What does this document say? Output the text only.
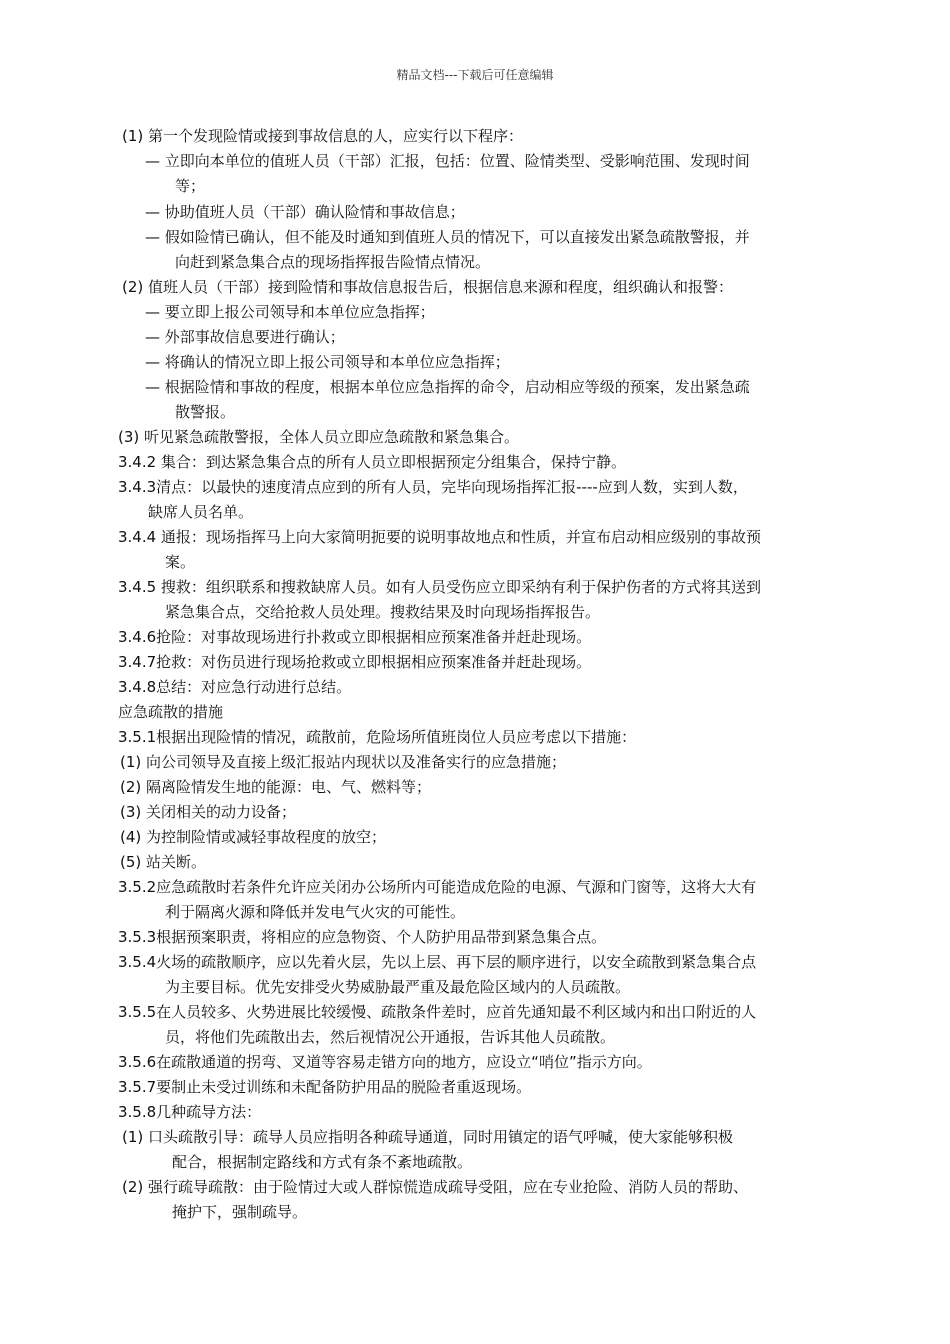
精品文档---下载后可任意编辑
(1) 第一个发现险情或接到事故信息的人，应实行以下程序：
— 立即向本单位的值班人员（干部）汇报，包括：位置、险情类型、受影响范围、发现时间
等；
— 协助值班人员（干部）确认险情和事故信息；
— 假如险情已确认，但不能及时通知到值班人员的情况下，可以直接发出紧急疏散警报，并
向赶到紧急集合点的现场指挥报告险情点情况。
(2) 值班人员（干部）接到险情和事故信息报告后，根据信息来源和程度，组织确认和报警：
— 要立即上报公司领导和本单位应急指挥；
— 外部事故信息要进行确认；
— 将确认的情况立即上报公司领导和本单位应急指挥；
— 根据险情和事故的程度，根据本单位应急指挥的命令，启动相应等级的预案，发出紧急疏
散警报。
(3) 听见紧急疏散警报，全体人员立即应急疏散和紧急集合。
3.4.2 集合：到达紧急集合点的所有人员立即根据预定分组集合，保持宁静。
3.4.3清点：以最快的速度清点应到的所有人员，完毕向现场指挥汇报----应到人数，实到人数，
缺席人员名单。
3.4.4 通报：现场指挥马上向大家简明扼要的说明事故地点和性质，并宣布启动相应级别的事故预
案。
3.4.5 搜救：组织联系和搜救缺席人员。如有人员受伤应立即采纳有利于保护伤者的方式将其送到
紧急集合点，交给抢救人员处理。搜救结果及时向现场指挥报告。
3.4.6抢险：对事故现场进行扑救或立即根据相应预案准备并赶赴现场。
3.4.7抢救：对伤员进行现场抢救或立即根据相应预案准备并赶赴现场。
3.4.8总结：对应急行动进行总结。
应急疏散的措施
3.5.1根据出现险情的情况，疏散前，危险场所值班岗位人员应考虑以下措施：
(1) 向公司领导及直接上级汇报站内现状以及准备实行的应急措施；
(2) 隔离险情发生地的能源：电、气、燃料等；
(3) 关闭相关的动力设备；
(4) 为控制险情或减轻事故程度的放空；
(5) 站关断。
3.5.2应急疏散时若条件允许应关闭办公场所内可能造成危险的电源、气源和门窗等，这将大大有
利于隔离火源和降低并发电气火灾的可能性。
3.5.3根据预案职责，将相应的应急物资、个人防护用品带到紧急集合点。
3.5.4火场的疏散顺序，应以先着火层，先以上层、再下层的顺序进行，以安全疏散到紧急集合点
为主要目标。优先安排受火势威胁最严重及最危险区域内的人员疏散。
3.5.5在人员较多、火势进展比较缓慢、疏散条件差时，应首先通知最不利区域内和出口附近的人
员，将他们先疏散出去，然后视情况公开通报，告诉其他人员疏散。
3.5.6在疏散通道的拐弯、叉道等容易走错方向的地方，应设立“哨位”指示方向。
3.5.7要制止未受过训练和未配备防护用品的脱险者重返现场。
3.5.8几种疏导方法：
(1) 口头疏散引导：疏导人员应指明各种疏导通道，同时用镇定的语气呼喊，使大家能够积极
配合，根据制定路线和方式有条不紊地疏散。
(2) 强行疏导疏散：由于险情过大或人群惊慌造成疏导受阻，应在专业抢险、消防人员的帮助、
掩护下，强制疏导。
